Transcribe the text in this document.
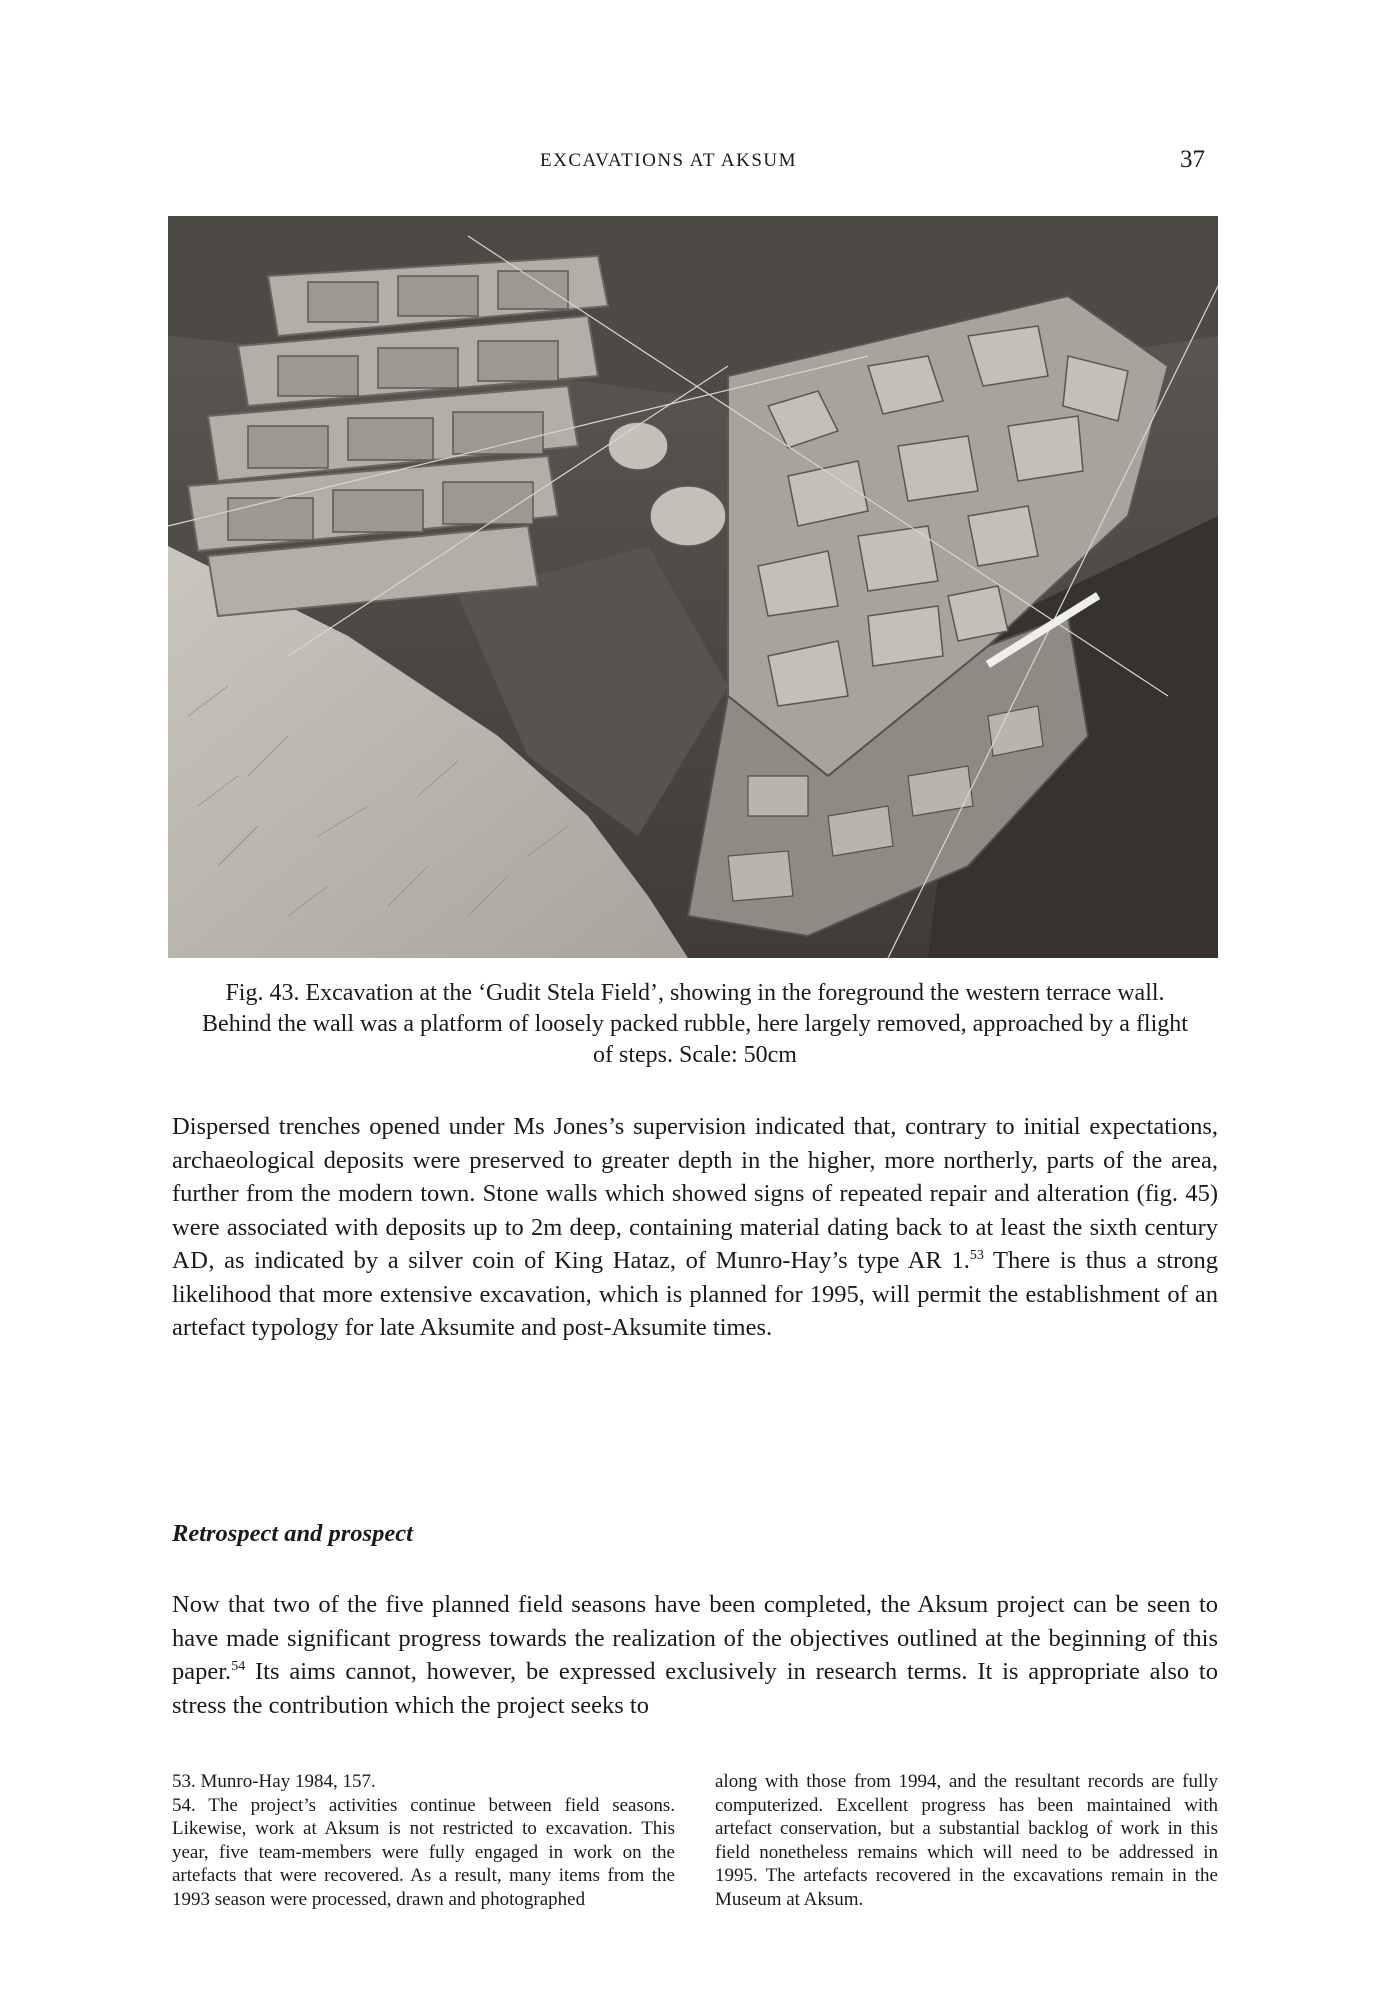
EXCAVATIONS AT AKSUM	37
Fig. 43. Excavation at the ‘Gudit Stela Field’, showing in the foreground the western terrace wall. Behind the wall was a platform of loosely packed rubble, here largely removed, approached by a flight of steps. Scale: 50cm

Dispersed trenches opened under Ms Jones’s supervision indicated that, contrary to initial expectations, archaeological deposits were preserved to greater depth in the higher, more northerly, parts of the area, further from the modern town. Stone walls which showed signs of repeated repair and alteration (fig. 45) were associated with deposits up to 2m deep, containing material dating back to at least the sixth century AD, as indicated by a silver coin of King Hataz, of Munro-Hay’s type AR 1.53 There is thus a strong likelihood that more extensive excavation, which is planned for 1995, will permit the establishment of an artefact typology for late Aksumite and post-Aksumite times.

Retrospect and prospect

Now that two of the five planned field seasons have been completed, the Aksum project can be seen to have made significant progress towards the realization of the objectives outlined at the beginning of this paper.$^{54}$ Its aims cannot, however, be expressed exclusively in research terms. It is appropriate also to stress the contribution which the project seeks to

53. Munro-Hay 1984, 157.

54. The project’s activities continue between field seasons. Likewise, work at Aksum is not restricted to excavation. This year, five team-members were fully engaged in work on the artefacts that were recovered. As a result, many items from the 1993 season were processed, drawn and photographed

along with those from 1994, and the resultant records are fully computerized. Excellent progress has been maintained with artefact conservation, but a substantial backlog of work in this field nonetheless remains which will need to be addressed in 1995. The artefacts recovered in the excavations remain in the Museum at Aksum.
